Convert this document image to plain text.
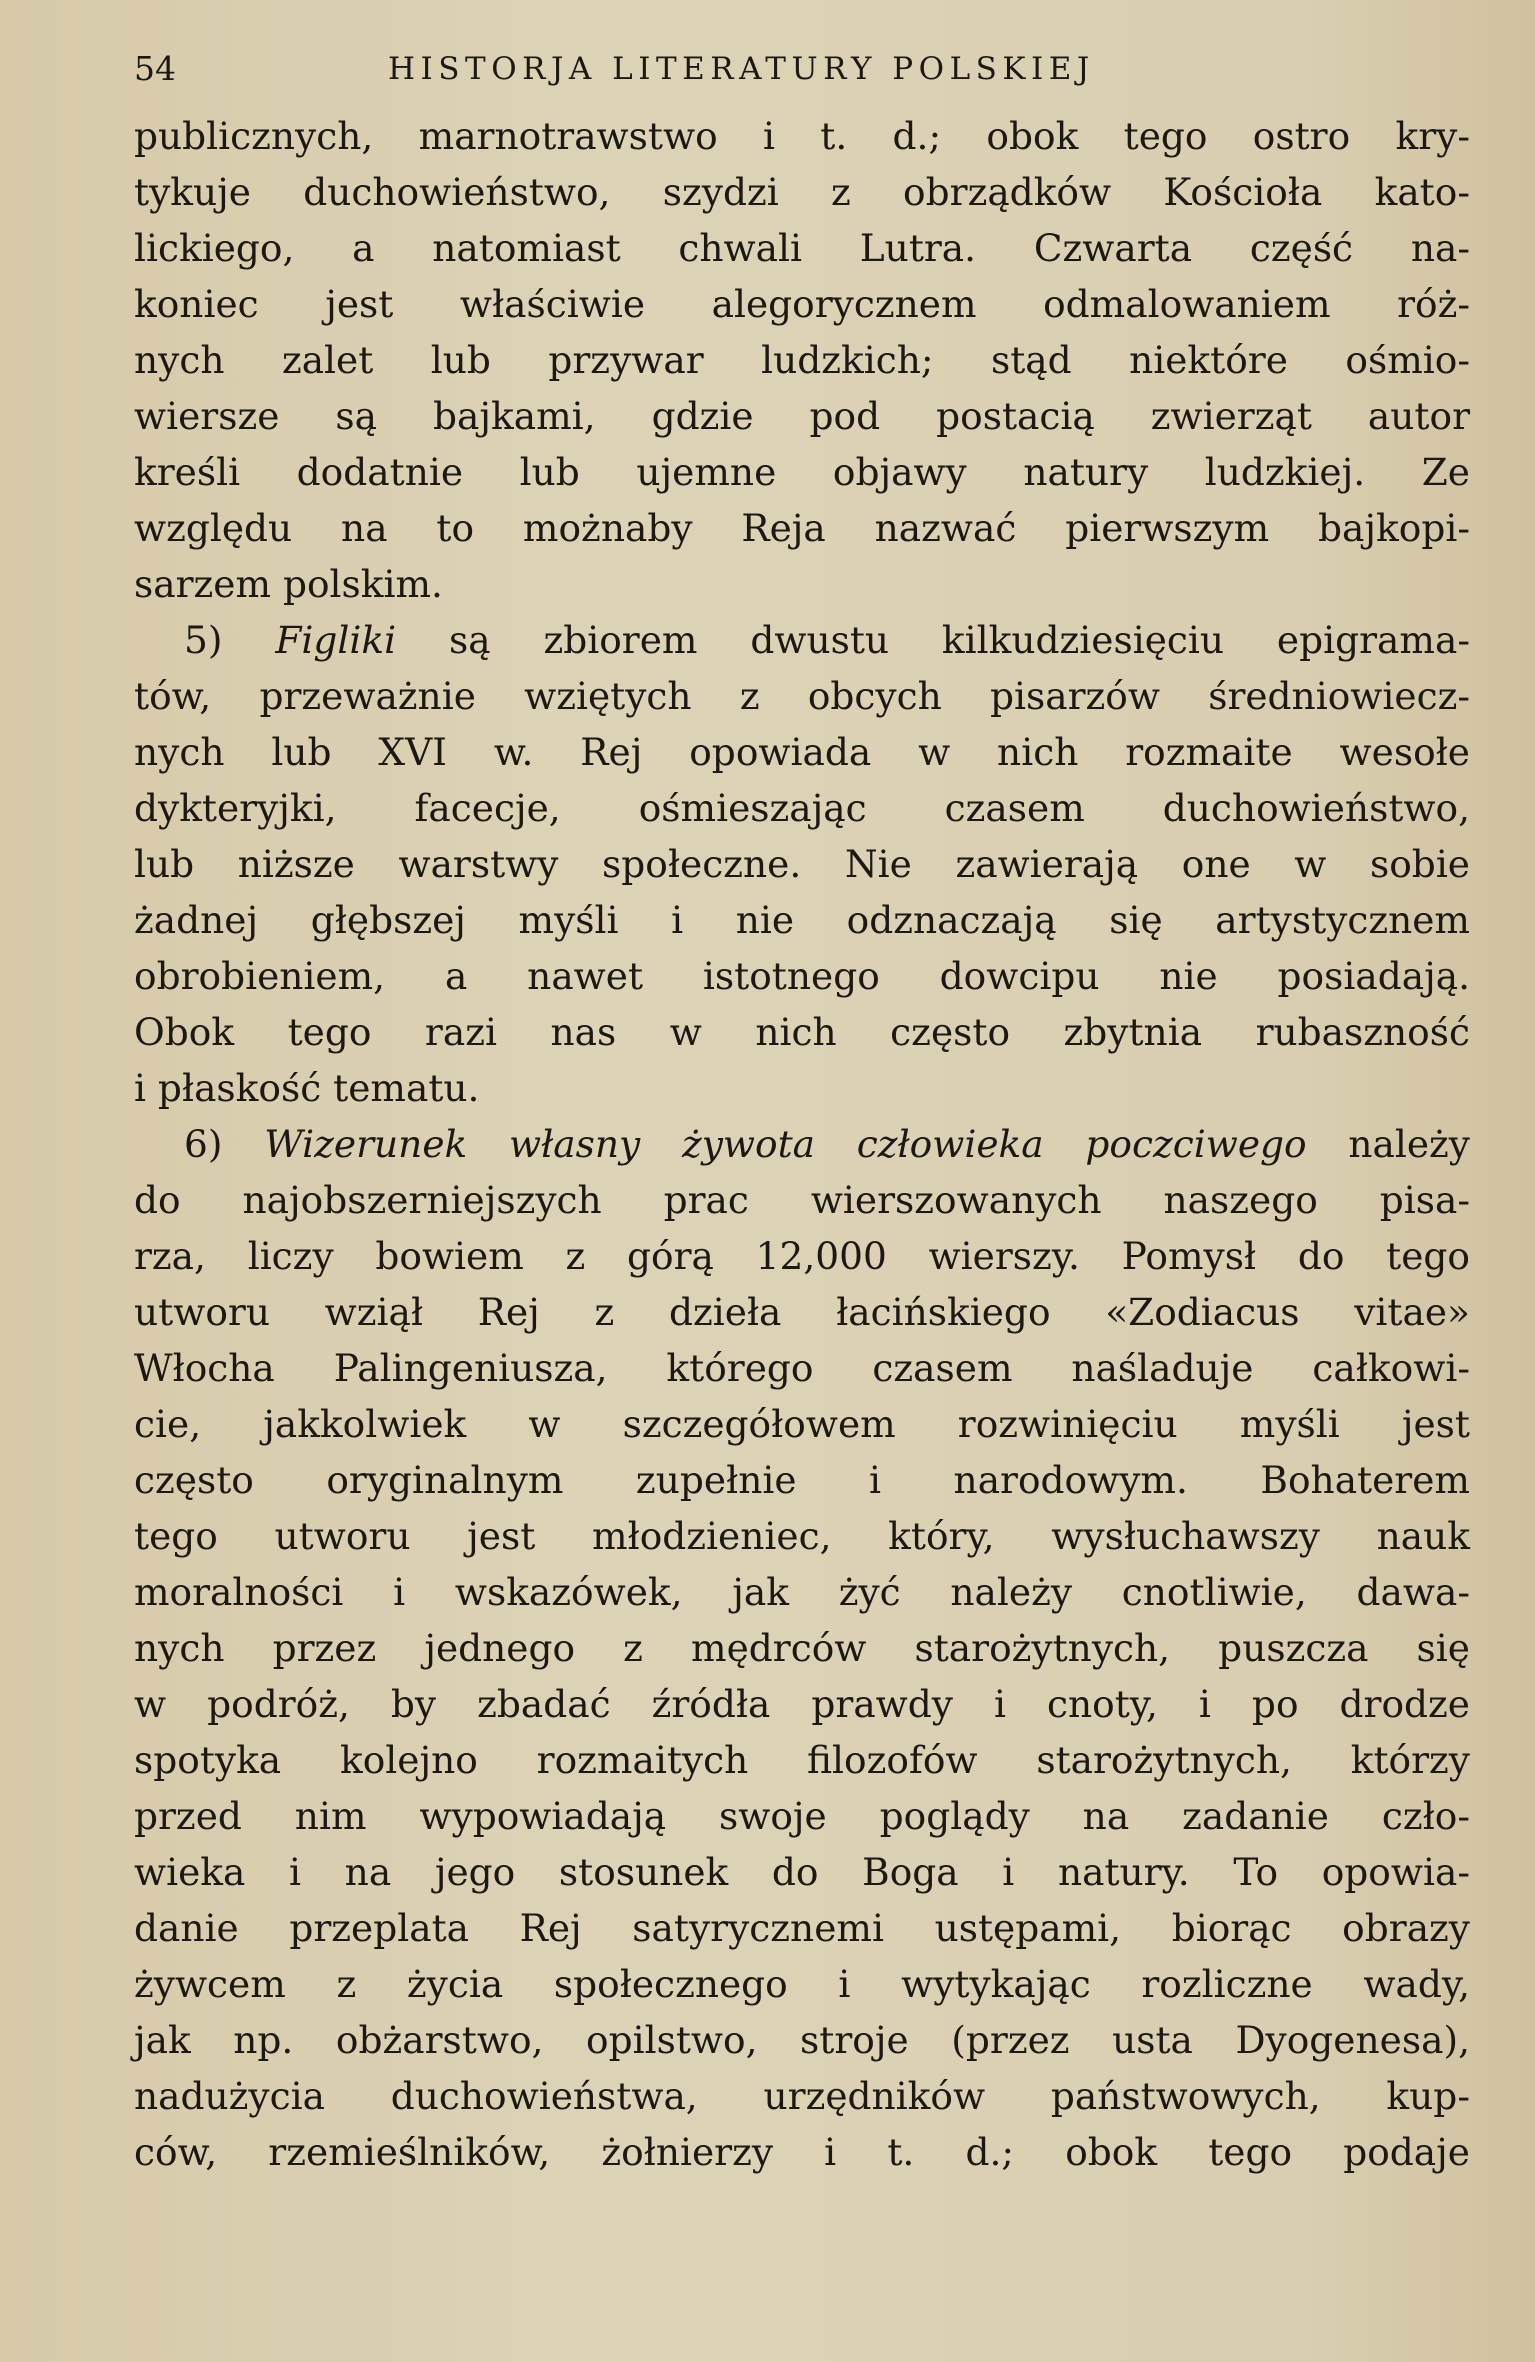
54	HISTORJA LITERATURY POLSKIEJ
publicznych, marnotrawstwo i t. d.; obok tego ostro kry-
tykuje duchowieństwo, szydzi z obrządków Kościoła kato-
lickiego, a natomiast chwali Lutra. Czwarta część na-
koniec jest właściwie alegorycznem odmalowaniem róż-
nych zalet lub przywar ludzkich; stąd niektóre ośmio-
wiersze są bajkami, gdzie pod postacią zwierząt autor
kreśli dodatnie lub ujemne objawy natury ludzkiej. Ze
względu na to możnaby Reja nazwać pierwszym bajkopi-
sarzem polskim.
5) Figliki są zbiorem dwustu kilkudziesięciu epigrama-
tów, przeważnie wziętych z obcych pisarzów średniowiecz-
nych lub XVI w. Rej opowiada w nich rozmaite wesołe
dykteryjki, facecje, ośmieszając czasem duchowieństwo,
lub niższe warstwy społeczne. Nie zawierają one w sobie
żadnej głębszej myśli i nie odznaczają się artystycznem
obrobieniem, a nawet istotnego dowcipu nie posiadają.
Obok tego razi nas w nich często zbytnia rubaszność
i płaskość tematu.
6) Wizerunek własny żywota człowieka poczciwego należy
do najobszerniejszych prac wierszowanych naszego pisa-
rza, liczy bowiem z górą 12,000 wierszy. Pomysł do tego
utworu wziął Rej z dzieła łacińskiego «Zodiacus vitae»
Włocha Palingeniusza, którego czasem naśladuje całkowi-
cie, jakkolwiek w szczegółowem rozwinięciu myśli jest
często oryginalnym zupełnie i narodowym. Bohaterem
tego utworu jest młodzieniec, który, wysłuchawszy nauk
moralności i wskazówek, jak żyć należy cnotliwie, dawa-
nych przez jednego z mędrców starożytnych, puszcza się
w podróż, by zbadać źródła prawdy i cnoty, i po drodze
spotyka kolejno rozmaitych filozofów starożytnych, którzy
przed nim wypowiadają swoje poglądy na zadanie czło-
wieka i na jego stosunek do Boga i natury. To opowia-
danie przeplata Rej satyrycznemi ustępami, biorąc obrazy
żywcem z życia społecznego i wytykając rozliczne wady,
jak np. obżarstwo, opilstwo, stroje (przez usta Dyogenesa),
nadużycia duchowieństwa, urzędników państwowych, kup-
ców, rzemieślników, żołnierzy i t. d.; obok tego podaje
